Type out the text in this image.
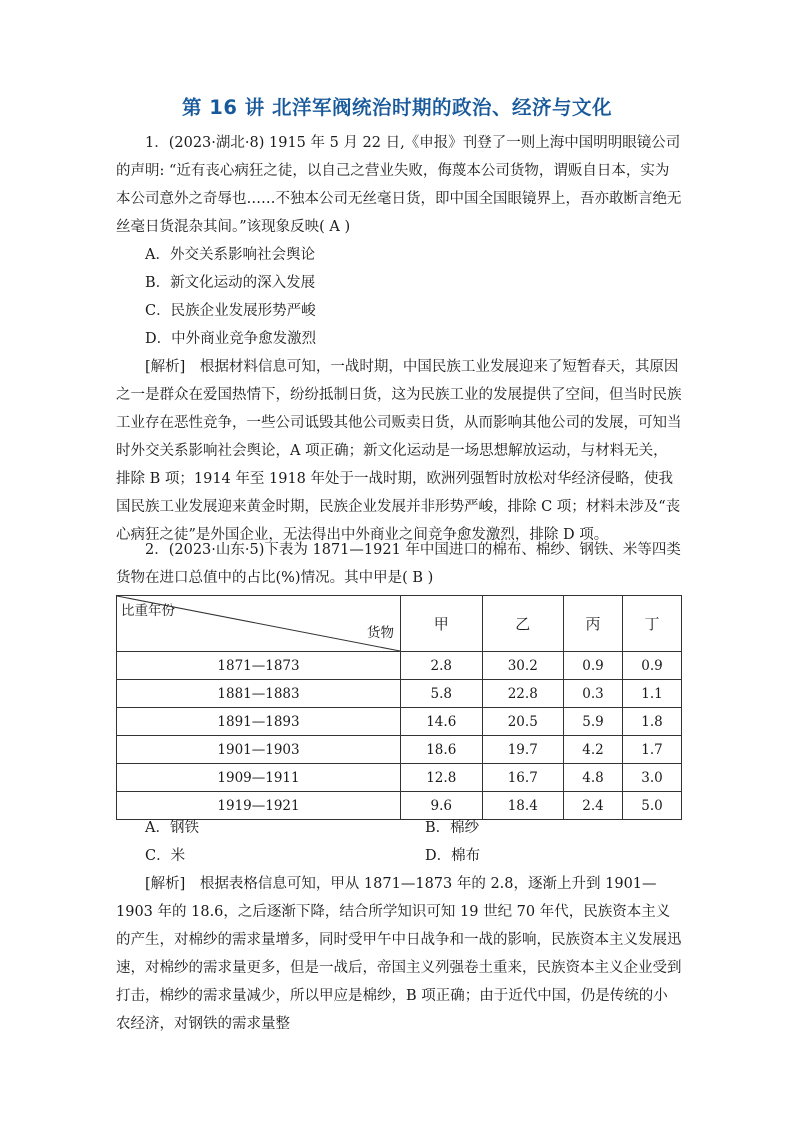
第 16 讲 北洋军阀统治时期的政治、经济与文化
1．(2023·湖北·8) 1915 年 5 月 22 日,《申报》刊登了一则上海中国明明眼镜公司的声明: “近有丧心病狂之徒，以自己之营业失败，侮蔑本公司货物，谓贩自日本，实为本公司意外之奇辱也……不独本公司无丝毫日货，即中国全国眼镜界上，吾亦敢断言绝无丝毫日货混杂其间。”该现象反映( A )
A．外交关系影响社会舆论
B．新文化运动的深入发展
C．民族企业发展形势严峻
D．中外商业竞争愈发激烈
[解析]  根据材料信息可知，一战时期，中国民族工业发展迎来了短暂春天，其原因之一是群众在爱国热情下，纷纷抵制日货，这为民族工业的发展提供了空间，但当时民族工业存在恶性竞争，一些公司诋毁其他公司贩卖日货，从而影响其他公司的发展，可知当时外交关系影响社会舆论，A 项正确；新文化运动是一场思想解放运动，与材料无关，排除 B 项；1914 年至 1918 年处于一战时期，欧洲列强暂时放松对华经济侵略，使我国民族工业发展迎来黄金时期，民族企业发展并非形势严峻，排除 C 项；材料未涉及“丧心病狂之徒”是外国企业，无法得出中外商业之间竞争愈发激烈，排除 D 项。
2．(2023·山东·5)下表为 1871—1921 年中国进口的棉布、棉纱、钢铁、米等四类货物在进口总值中的占比(%)情况。其中甲是( B )
比重年份
货物	甲	乙	丙	丁
1871—1873	2.8	30.2	0.9	0.9
1881—1883	5.8	22.8	0.3	1.1
1891—1893	14.6	20.5	5.9	1.8
1901—1903	18.6	19.7	4.2	1.7
1909—1911	12.8	16.7	4.8	3.0
1919—1921	9.6	18.4	2.4	5.0
A．钢铁	B．棉纱
C．米	D．棉布
[解析]  根据表格信息可知，甲从 1871—1873 年的 2.8，逐渐上升到 1901—1903 年的 18.6，之后逐渐下降，结合所学知识可知 19 世纪 70 年代，民族资本主义的产生，对棉纱的需求量增多，同时受甲午中日战争和一战的影响，民族资本主义发展迅速，对棉纱的需求量更多，但是一战后，帝国主义列强卷土重来，民族资本主义企业受到打击，棉纱的需求量减少，所以甲应是棉纱，B 项正确；由于近代中国，仍是传统的小农经济，对钢铁的需求量整
